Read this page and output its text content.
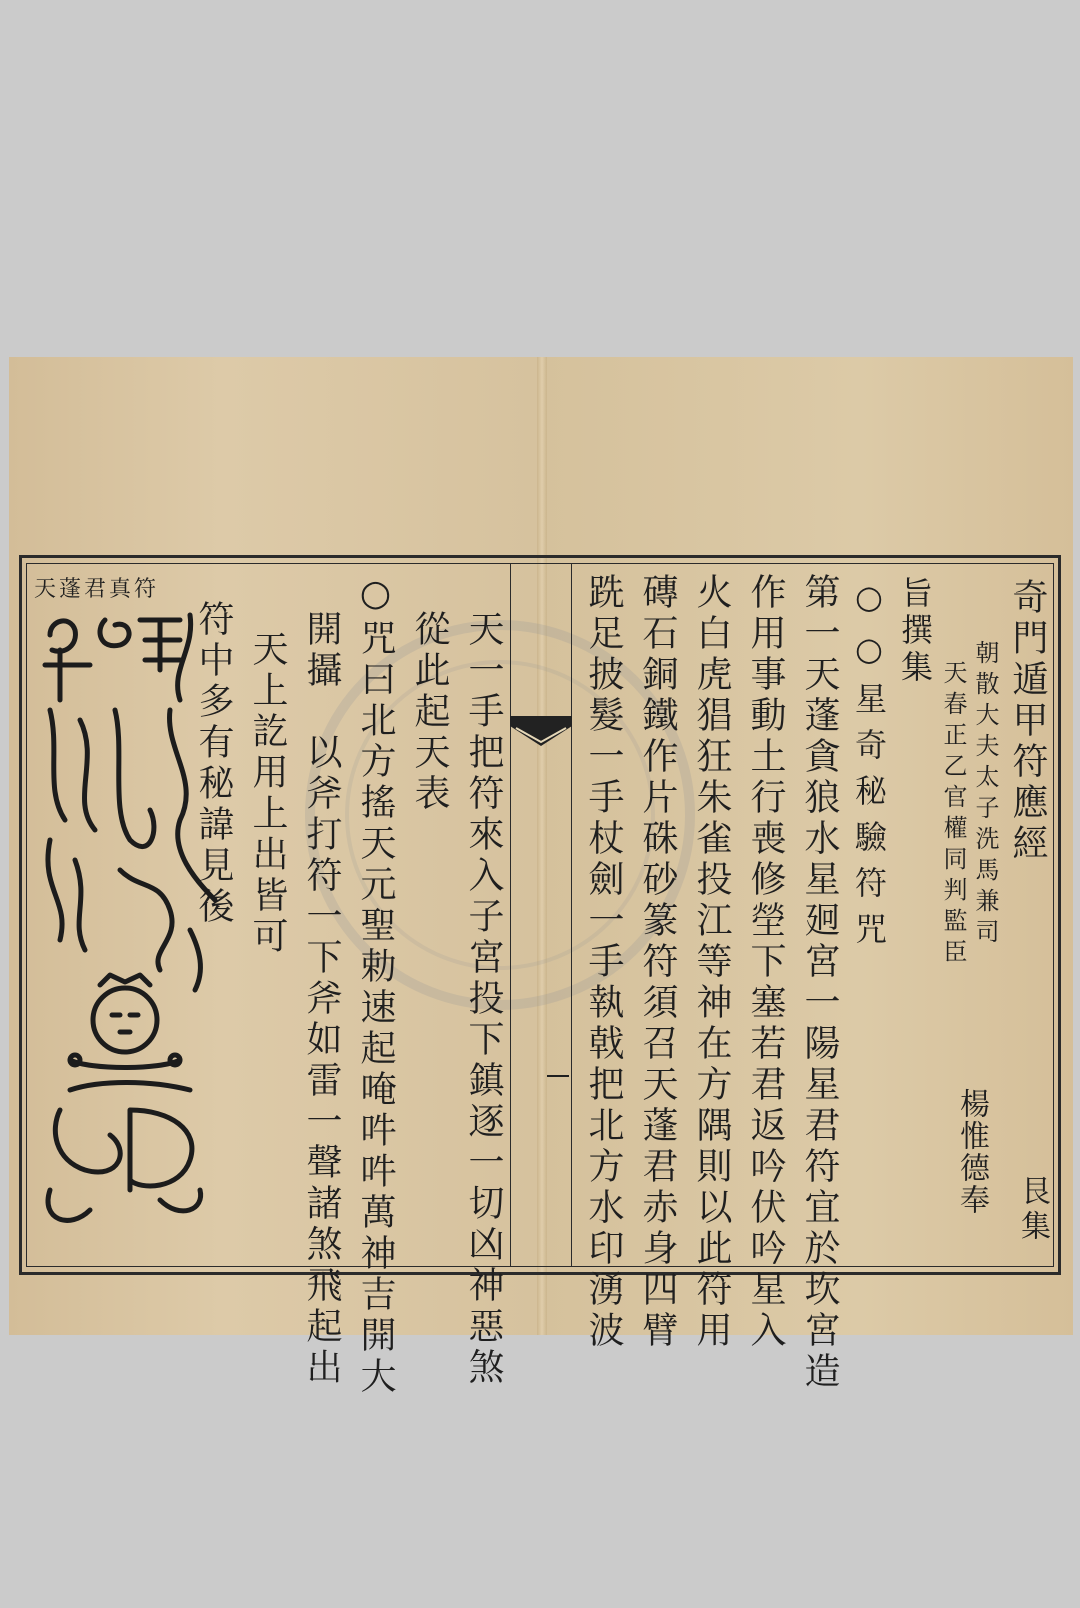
奇門遁甲符應經
朝散大夫太子洗馬兼司
天春正乙官權同判監臣
楊惟德奉 艮集
旨撰集
○○星奇秘驗符咒
第一天蓬貪狼水星㢠宮一陽星君符宜於坎宮造
作用事動土行喪修塋下塞若君返吟伏吟星入
火白虎猖狂朱雀投江等神在方隅則以此符用
磚石銅鐵作片硃砂篆符須召天蓬君赤身四臂
跣足披髮一手杖劍一手執戟把北方水印湧波
天一手把符來入子宮投下鎮逐一切凶神惡煞
從此起天表
○咒曰北方搖天元聖勅速起唵吽吽萬神吉開大
開攝　以斧打符一下斧如雷一聲諸煞飛起出
天上訖用上出皆可
符中多有秘諱見後
天蓬君真符
